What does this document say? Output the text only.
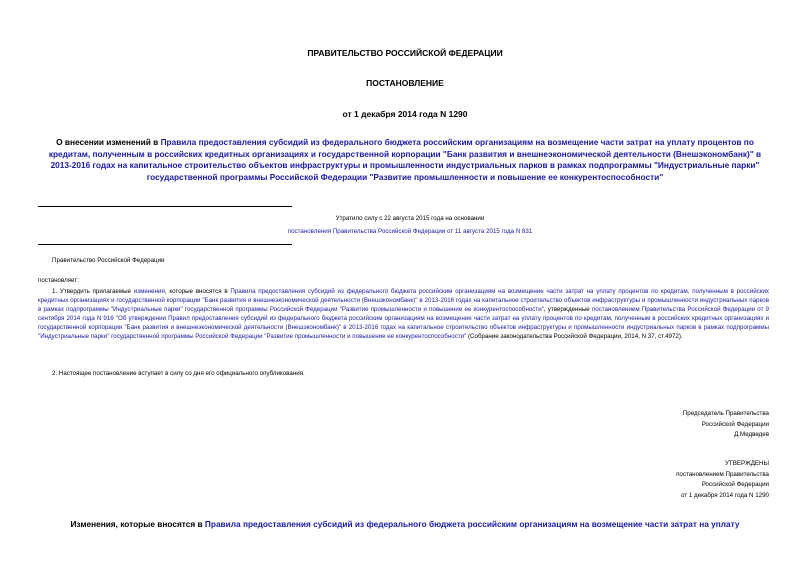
ПРАВИТЕЛЬСТВО РОССИЙСКОЙ ФЕДЕРАЦИИ
ПОСТАНОВЛЕНИЕ
от 1 декабря 2014 года N 1290
О внесении изменений в Правила предоставления субсидий из федерального бюджета российским организациям на возмещение части затрат на уплату процентов по кредитам, полученным в российских кредитных организациях и государственной корпорации "Банк развития и внешнеэкономической деятельности (Внешэкономбанк)" в 2013-2016 годах на капитальное строительство объектов инфраструктуры и промышленности индустриальных парков в рамках подпрограммы "Индустриальные парки" государственной программы Российской Федерации "Развитие промышленности и повышение ее конкурентоспособности"
Утратило силу с 22 августа 2015 года на основании
постановления Правительства Российской Федерации от 11 августа 2015 года N 831
Правительство Российской Федерации
постановляет:
1. Утвердить прилагаемые изменения, которые вносятся в Правила предоставления субсидий из федерального бюджета российским организациям на возмещение части затрат на уплату процентов по кредитам, полученным в российских кредитных организациях и государственной корпорации "Банк развития и внешнеэкономической деятельности (Внешэкономбанк)" в 2013-2016 годах на капитальное строительство объектов инфраструктуры и промышленности индустриальных парков в рамках подпрограммы "Индустриальные парки" государственной программы Российской Федерации "Развитие промышленности и повышение ее конкурентоспособности", утвержденные постановлением Правительства Российской Федерации от 9 сентября 2014 года N 916 "Об утверждении Правил предоставления субсидий из федерального бюджета российским организациям на возмещение части затрат на уплату процентов по кредитам, полученным в российских кредитных организациях и государственной корпорации "Банк развития и внешнеэкономической деятельности (Внешэкономбанк)" в 2013-2016 годах на капитальное строительство объектов инфраструктуры и промышленности индустриальных парков в рамках подпрограммы "Индустриальные парки" государственной программы Российской Федерации "Развитие промышленности и повышение ее конкурентоспособности" (Собрание законодательства Российской Федерации, 2014, N 37, ст.4972).
2. Настоящее постановление вступает в силу со дня его официального опубликования.
Председатель Правительства
Российской Федерации
Д.Медведев
УТВЕРЖДЕНЫ
постановлением Правительства
Российской Федерации
от 1 декабря 2014 года N 1290
Изменения, которые вносятся в Правила предоставления субсидий из федерального бюджета российским организациям на возмещение части затрат на уплату
